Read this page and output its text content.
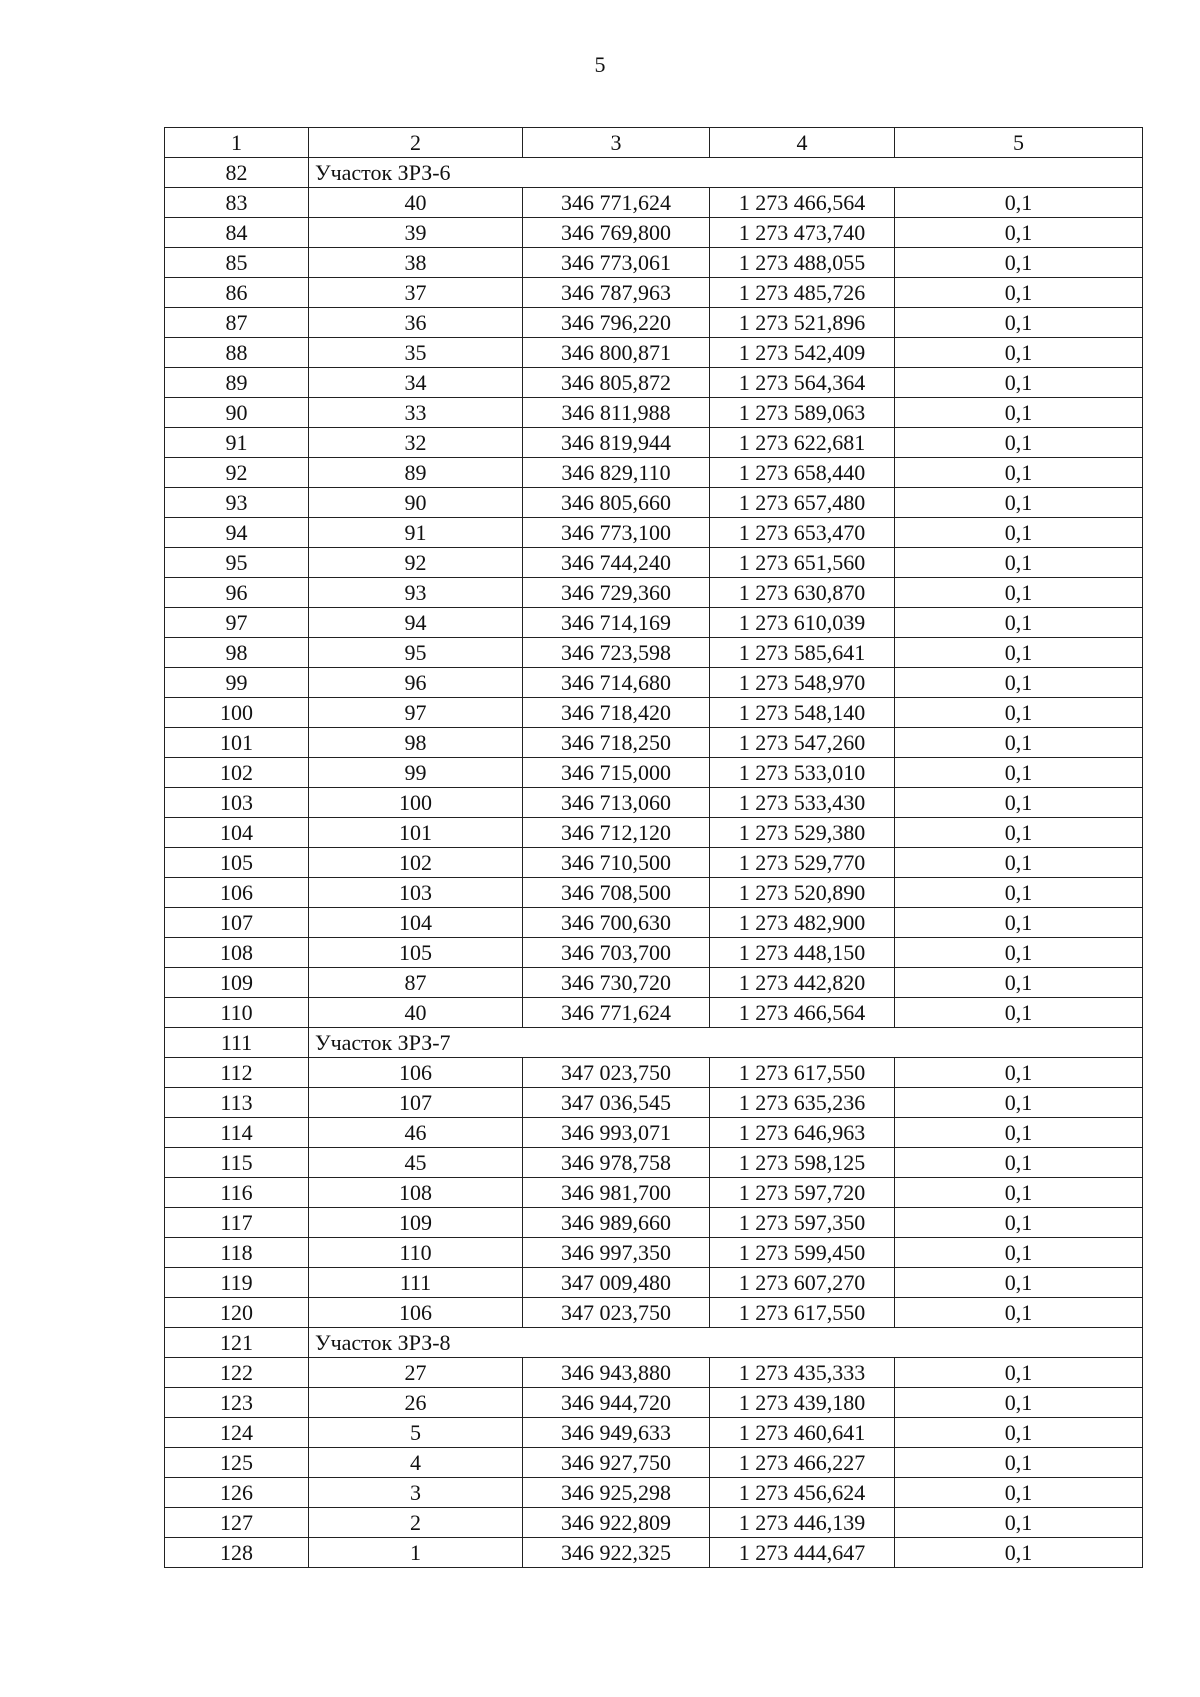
5
1	2	3	4	5
82	Участок ЗРЗ-6			
83	40	346 771,624	1 273 466,564	0,1
84	39	346 769,800	1 273 473,740	0,1
85	38	346 773,061	1 273 488,055	0,1
86	37	346 787,963	1 273 485,726	0,1
87	36	346 796,220	1 273 521,896	0,1
88	35	346 800,871	1 273 542,409	0,1
89	34	346 805,872	1 273 564,364	0,1
90	33	346 811,988	1 273 589,063	0,1
91	32	346 819,944	1 273 622,681	0,1
92	89	346 829,110	1 273 658,440	0,1
93	90	346 805,660	1 273 657,480	0,1
94	91	346 773,100	1 273 653,470	0,1
95	92	346 744,240	1 273 651,560	0,1
96	93	346 729,360	1 273 630,870	0,1
97	94	346 714,169	1 273 610,039	0,1
98	95	346 723,598	1 273 585,641	0,1
99	96	346 714,680	1 273 548,970	0,1
100	97	346 718,420	1 273 548,140	0,1
101	98	346 718,250	1 273 547,260	0,1
102	99	346 715,000	1 273 533,010	0,1
103	100	346 713,060	1 273 533,430	0,1
104	101	346 712,120	1 273 529,380	0,1
105	102	346 710,500	1 273 529,770	0,1
106	103	346 708,500	1 273 520,890	0,1
107	104	346 700,630	1 273 482,900	0,1
108	105	346 703,700	1 273 448,150	0,1
109	87	346 730,720	1 273 442,820	0,1
110	40	346 771,624	1 273 466,564	0,1
111	Участок ЗРЗ-7			
112	106	347 023,750	1 273 617,550	0,1
113	107	347 036,545	1 273 635,236	0,1
114	46	346 993,071	1 273 646,963	0,1
115	45	346 978,758	1 273 598,125	0,1
116	108	346 981,700	1 273 597,720	0,1
117	109	346 989,660	1 273 597,350	0,1
118	110	346 997,350	1 273 599,450	0,1
119	111	347 009,480	1 273 607,270	0,1
120	106	347 023,750	1 273 617,550	0,1
121	Участок ЗРЗ-8			
122	27	346 943,880	1 273 435,333	0,1
123	26	346 944,720	1 273 439,180	0,1
124	5	346 949,633	1 273 460,641	0,1
125	4	346 927,750	1 273 466,227	0,1
126	3	346 925,298	1 273 456,624	0,1
127	2	346 922,809	1 273 446,139	0,1
128	1	346 922,325	1 273 444,647	0,1
